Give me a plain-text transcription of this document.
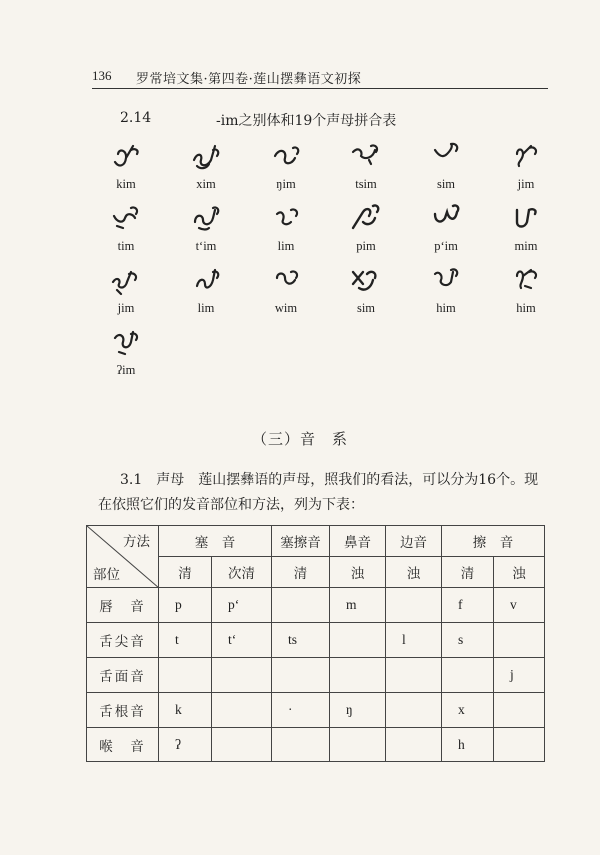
136 罗常培文集·第四卷·莲山摆彝语文初探
2.14	-im之别体和19个声母拼合表
kim	xim	ŋim	tsim	sim	jim
tim	tʻim	lim	pim	pʻim	mim
jim	lim	wim	sim	him	him
ʔim
（三）音　系
3.1　声母　莲山摆彝语的声母，照我们的看法，可以分为16个。现在依照它们的发音部位和方法，列为下表：
方法
部位	塞　音		塞擦音	鼻音	边音	擦　音	
	清	次清	清	浊	浊	清	浊
唇　音	p	pʻ		m		f	v
舌尖音	t	tʻ	ts		l	s	
舌面音							j
舌根音	k		·	ŋ		x	
喉　音	ʔ					h	
